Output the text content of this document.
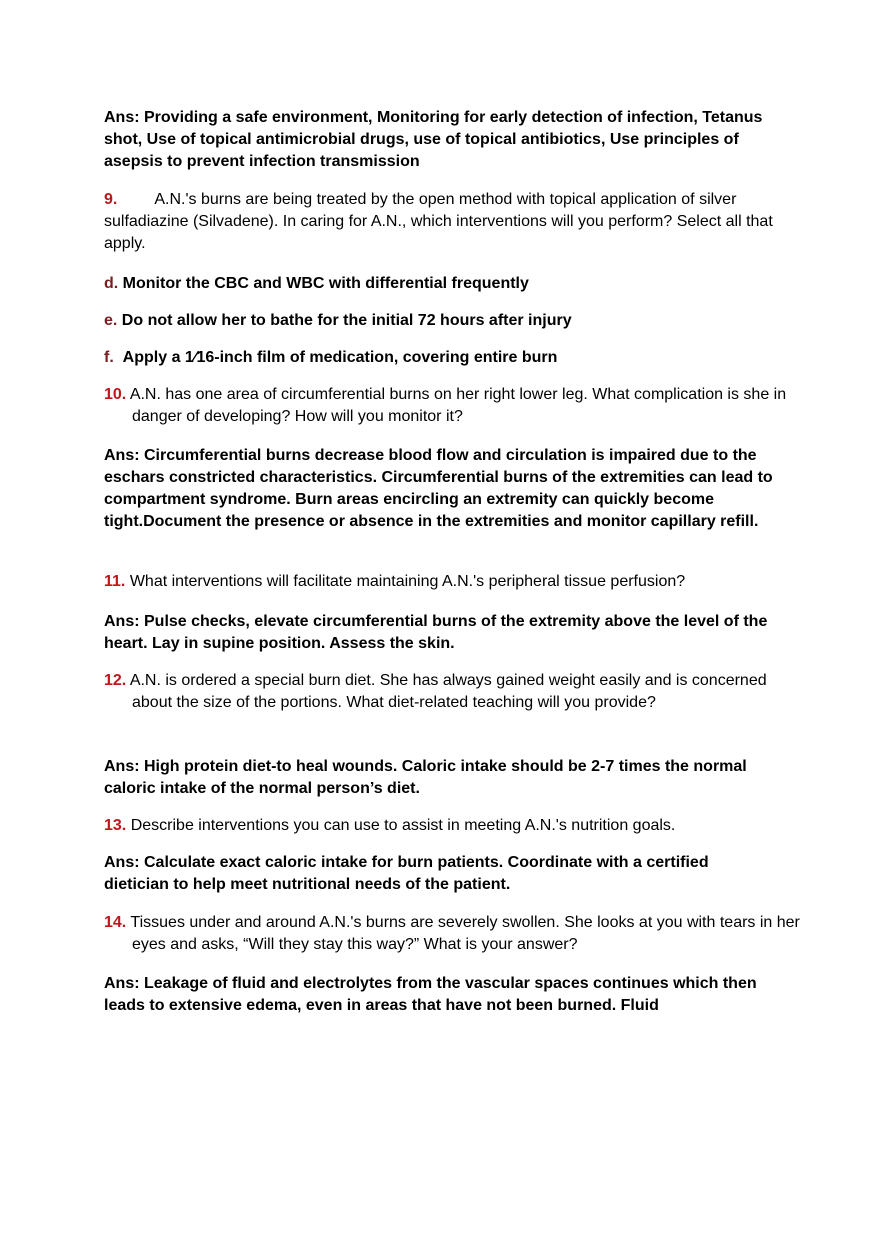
Ans: Providing a safe environment, Monitoring for early detection of infection, Tetanus shot, Use of topical antimicrobial drugs, use of topical antibiotics, Use principles of asepsis to prevent infection transmission
9. A.N.'s burns are being treated by the open method with topical application of silver sulfadiazine (Silvadene). In caring for A.N., which interventions will you perform? Select all that apply.
d. Monitor the CBC and WBC with differential frequently
e. Do not allow her to bathe for the initial 72 hours after injury
f. Apply a 1⁄16-inch film of medication, covering entire burn
10. A.N. has one area of circumferential burns on her right lower leg. What complication is she in danger of developing? How will you monitor it?
Ans: Circumferential burns decrease blood flow and circulation is impaired due to the eschars constricted characteristics. Circumferential burns of the extremities can lead to compartment syndrome. Burn areas encircling an extremity can quickly become tight.Document the presence or absence in the extremities and monitor capillary refill.
11. What interventions will facilitate maintaining A.N.'s peripheral tissue perfusion?
Ans: Pulse checks, elevate circumferential burns of the extremity above the level of the heart. Lay in supine position. Assess the skin.
12. A.N. is ordered a special burn diet. She has always gained weight easily and is concerned about the size of the portions. What diet-related teaching will you provide?
Ans: High protein diet-to heal wounds. Caloric intake should be 2-7 times the normal caloric intake of the normal person’s diet.
13. Describe interventions you can use to assist in meeting A.N.'s nutrition goals.
Ans: Calculate exact caloric intake for burn patients. Coordinate with a certified dietician to help meet nutritional needs of the patient.
14. Tissues under and around A.N.'s burns are severely swollen. She looks at you with tears in her eyes and asks, “Will they stay this way?” What is your answer?
Ans: Leakage of fluid and electrolytes from the vascular spaces continues which then leads to extensive edema, even in areas that have not been burned. Fluid
